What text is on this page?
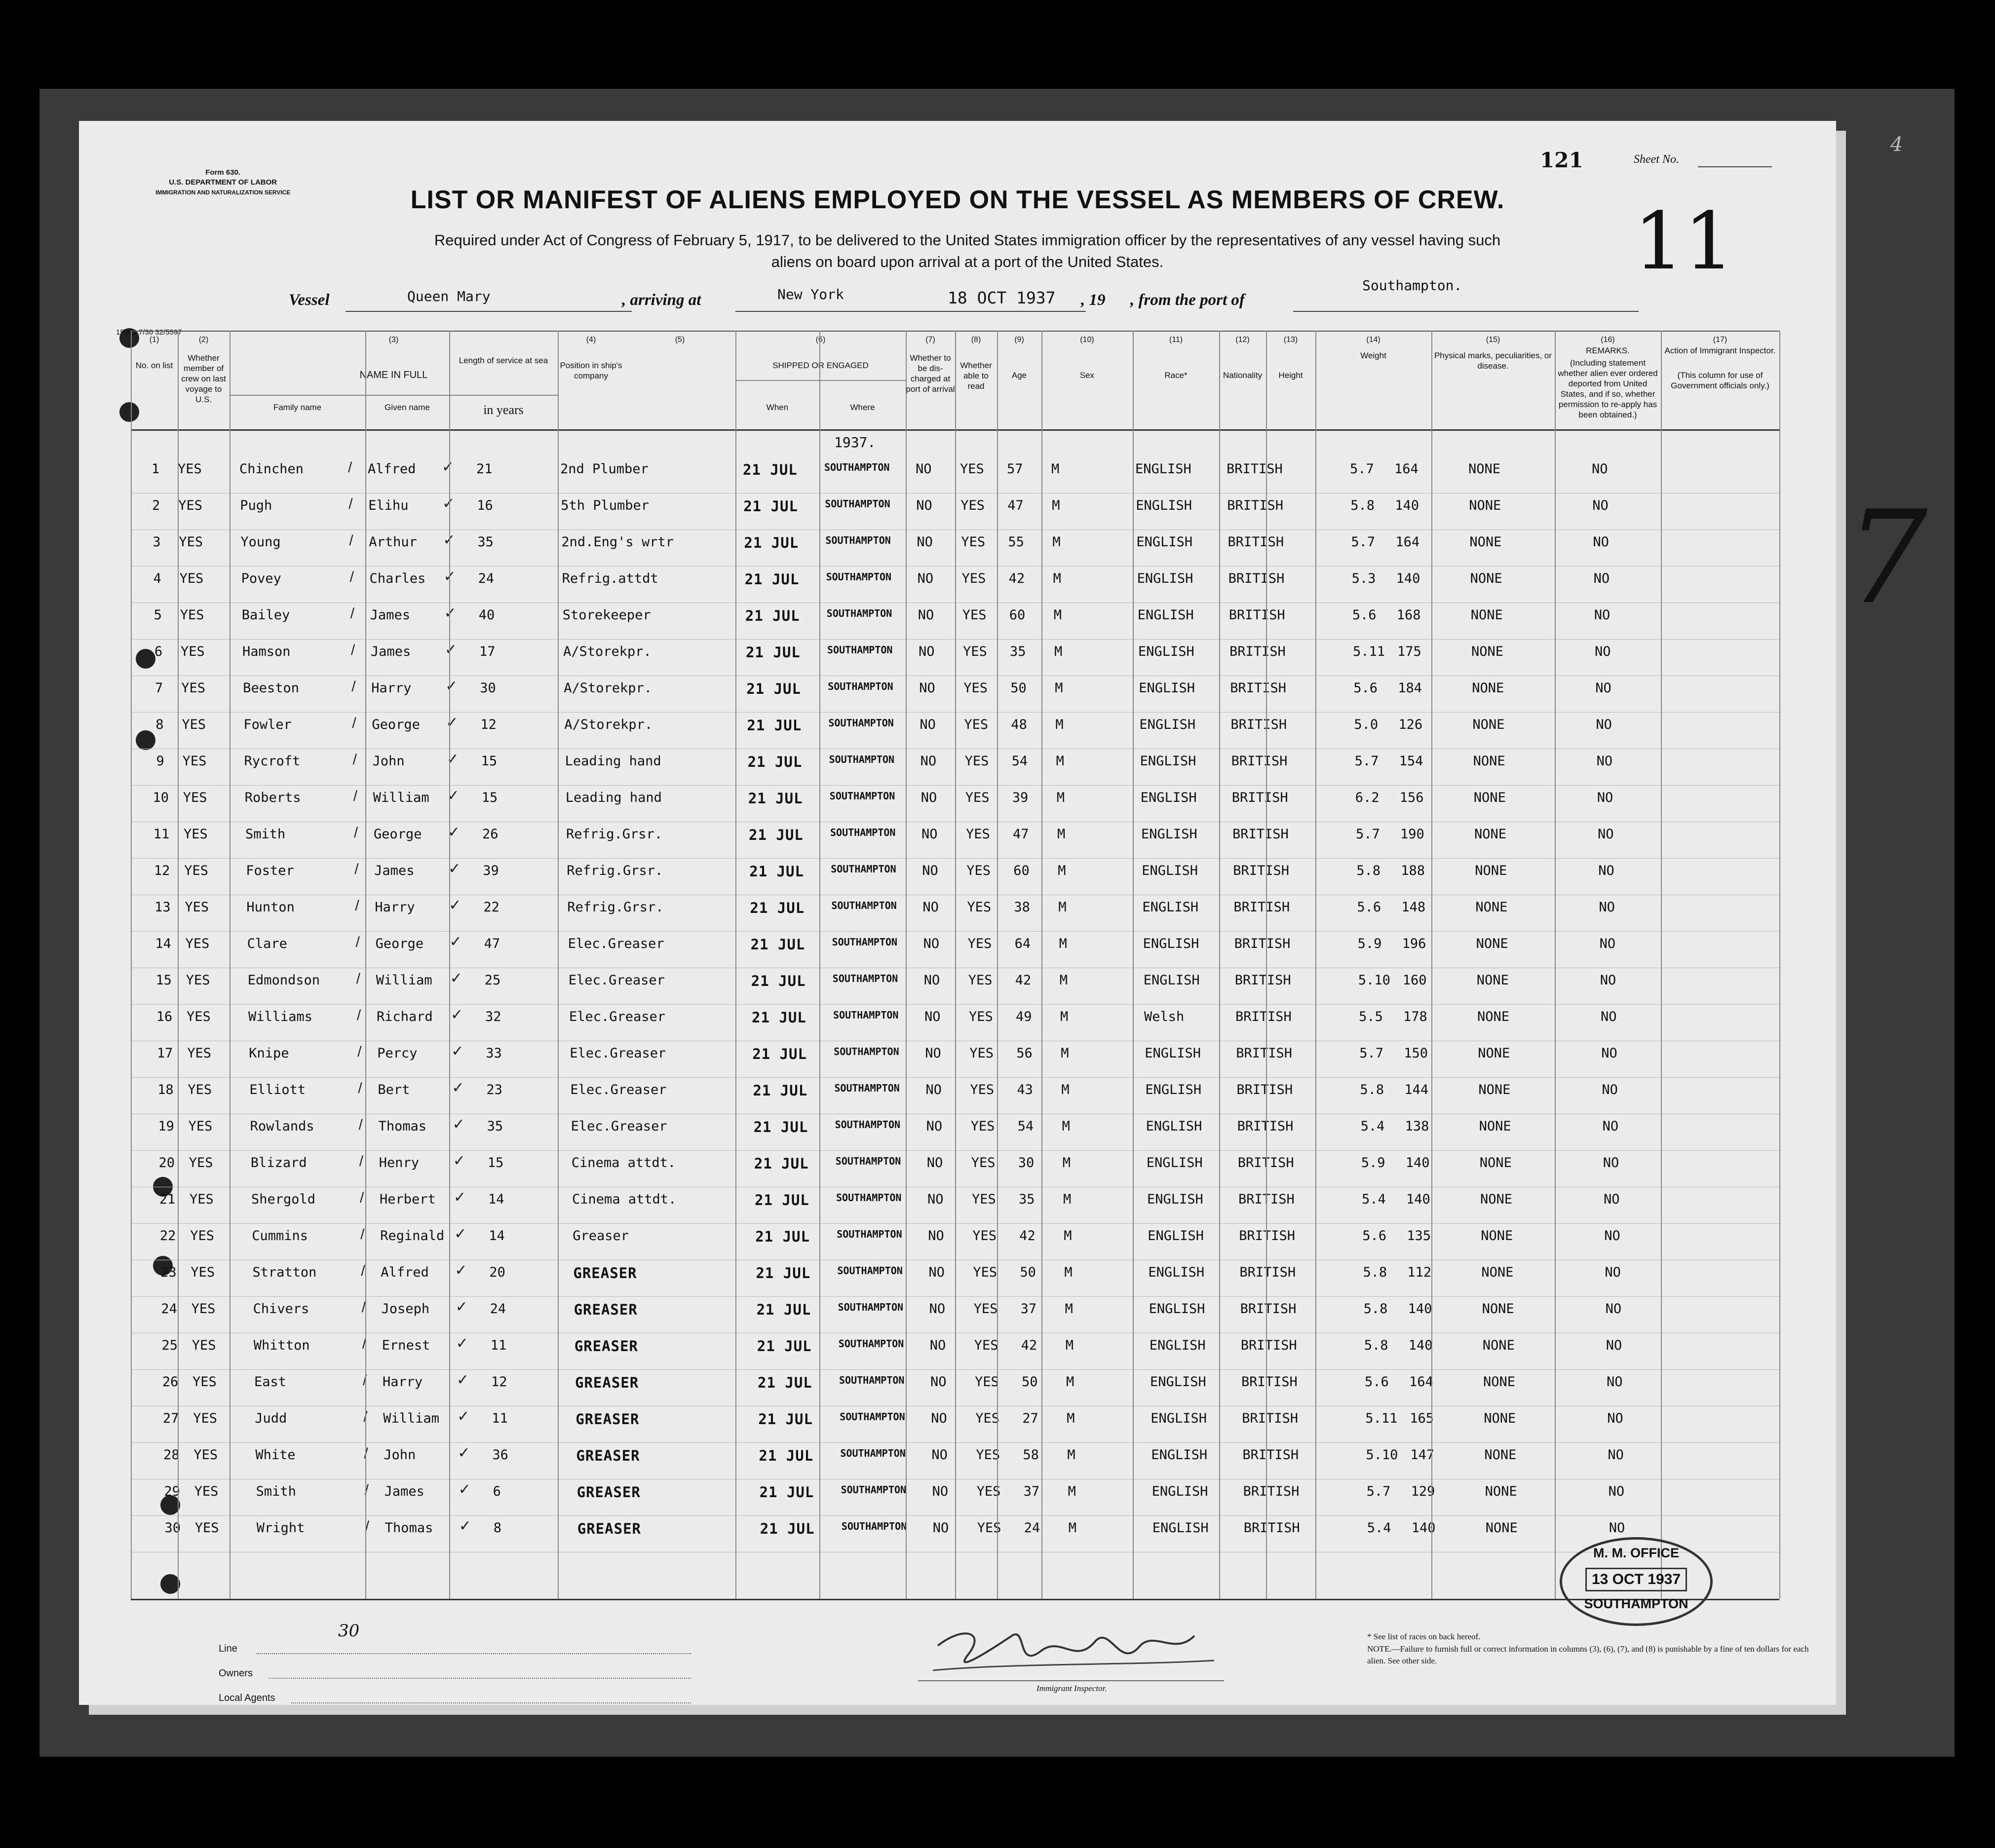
4
7
Form 630.
U.S. DEPARTMENT OF LABOR
IMMIGRATION AND NATURALIZATION SERVICE
15000 7/36 32/5597
121	Sheet No.
LIST OR MANIFEST OF ALIENS EMPLOYED ON THE VESSEL AS MEMBERS OF CREW.
Required under Act of Congress of February 5, 1917, to be delivered to the United States immigration officer by the representatives of any vessel having such
aliens on board upon arrival at a port of the United States.	11
Vessel	Queen Mary	, arriving at	New York	18 OCT 1937 , 19 , from the port of
Southampton.
(1)	(2)	(3)	(4)	(5)	(6)	(7)	(8)	(9)	(10)	(11)	(12)	(13)	(14)	(15)	(16)	(17)
No. on list
Whether member of crew on last voyage to U.S.
NAME IN FULL
Family name	Given name
Length of service at sea
Position in ship's company
SHIPPED OR ENGAGED
When	Where
Whether to be dis-charged at port of arrival
Whether able to read
Age	Sex	Race*	Nationality	Height
Weight	Physical marks, peculiarities, or disease.
REMARKS.
(Including statement whether alien ever ordered deported from United States, and if so, whether permission to re-apply has been obtained.)
Action of Immigrant Inspector.
(This column for use of Government officials only.)
in years
1937.
1	YES	Chinchen	Alfred	21	2nd Plumber	21 JUL	SOUTHAMPTON NO YES 57 M	ENGLISH	BRITISH	5.7 164	NONE	NO
/	✓
2	YES	Pugh	Elihu	16	5th Plumber	21 JUL	SOUTHAMPTON NO YES 47 M	ENGLISH	BRITISH	5.8 140	NONE	NO
/	✓
3	YES	Young	Arthur	35	2nd.Eng's wrtr	21 JUL	SOUTHAMPTON NO YES 55 M	ENGLISH	BRITISH	5.7 164	NONE	NO
/	✓
4	YES	Povey	Charles	24	Refrig.attdt	21 JUL	SOUTHAMPTON NO YES 42 M	ENGLISH	BRITISH	5.3 140	NONE	NO
/	✓
5	YES	Bailey	James	40	Storekeeper	21 JUL	SOUTHAMPTON NO YES 60 M	ENGLISH	BRITISH	5.6 168	NONE	NO
/	✓
6	YES	Hamson	James	17	A/Storekpr.	21 JUL	SOUTHAMPTON NO YES 35 M	ENGLISH	BRITISH	5.11 175	NONE	NO
/	✓
7	YES	Beeston	Harry	30	A/Storekpr.	21 JUL	SOUTHAMPTON NO YES 50 M	ENGLISH	BRITISH	5.6 184	NONE	NO
/	✓
8	YES	Fowler	George	12	A/Storekpr.	21 JUL	SOUTHAMPTON NO YES 48 M	ENGLISH	BRITISH	5.0 126	NONE	NO
/	✓
9	YES	Rycroft	John	15	Leading hand	21 JUL	SOUTHAMPTON NO YES 54 M	ENGLISH	BRITISH	5.7 154	NONE	NO
/	✓
10	YES	Roberts	William	15	Leading hand	21 JUL	SOUTHAMPTON NO YES 39 M	ENGLISH	BRITISH	6.2 156	NONE	NO
/	✓
11	YES	Smith	George	26	Refrig.Grsr.	21 JUL	SOUTHAMPTON NO YES 47 M	ENGLISH	BRITISH	5.7 190	NONE	NO
/	✓
12	YES	Foster	James	39	Refrig.Grsr.	21 JUL	SOUTHAMPTON NO YES 60 M	ENGLISH	BRITISH	5.8 188	NONE	NO
/	✓
13	YES	Hunton	Harry	22	Refrig.Grsr.	21 JUL	SOUTHAMPTON NO YES 38 M	ENGLISH	BRITISH	5.6 148	NONE	NO
/	✓
14	YES	Clare	George	47	Elec.Greaser	21 JUL	SOUTHAMPTON NO YES 64 M	ENGLISH	BRITISH	5.9 196	NONE	NO
/	✓
15	YES	Edmondson	William	25	Elec.Greaser	21 JUL	SOUTHAMPTON NO YES 42 M	ENGLISH	BRITISH	5.10 160	NONE	NO
/	✓
16	YES	Williams	Richard	32	Elec.Greaser	21 JUL	SOUTHAMPTON NO YES 49 M	Welsh	BRITISH	5.5 178	NONE	NO
/	✓
17	YES	Knipe	Percy	33	Elec.Greaser	21 JUL	SOUTHAMPTON NO YES 56 M	ENGLISH	BRITISH	5.7 150	NONE	NO
/	✓
18	YES	Elliott	Bert	23	Elec.Greaser	21 JUL	SOUTHAMPTON NO YES 43 M	ENGLISH	BRITISH	5.8 144	NONE	NO
/	✓
19	YES	Rowlands	Thomas	35	Elec.Greaser	21 JUL	SOUTHAMPTON NO YES 54 M	ENGLISH	BRITISH	5.4 138	NONE	NO
/	✓
20	YES	Blizard	Henry	15	Cinema attdt.	21 JUL	SOUTHAMPTON NO YES 30 M	ENGLISH	BRITISH	5.9 140	NONE	NO
/	✓
21	YES	Shergold	Herbert	14	Cinema attdt.	21 JUL	SOUTHAMPTON NO YES 35 M	ENGLISH	BRITISH	5.4 140	NONE	NO
/	✓
22	YES	Cummins	Reginald	14	Greaser	21 JUL	SOUTHAMPTON NO YES 42 M	ENGLISH	BRITISH	5.6 135	NONE	NO
/	✓
23	YES	Stratton	Alfred	20	GREASER	21 JUL	SOUTHAMPTON NO YES 50 M	ENGLISH	BRITISH	5.8 112	NONE	NO
/	✓
24	YES	Chivers	Joseph	24	GREASER	21 JUL	SOUTHAMPTON NO YES 37 M	ENGLISH	BRITISH	5.8 140	NONE	NO
/	✓
25	YES	Whitton	Ernest	11	GREASER	21 JUL	SOUTHAMPTON NO YES 42 M	ENGLISH	BRITISH	5.8 140	NONE	NO
/	✓
26	YES	East	Harry	12	GREASER	21 JUL	SOUTHAMPTON NO YES 50 M	ENGLISH	BRITISH	5.6 164	NONE	NO
/	✓
27	YES	Judd	William	11	GREASER	21 JUL	SOUTHAMPTON NO YES 27 M	ENGLISH	BRITISH	5.11 165	NONE	NO
/	✓
28	YES	White	John	36	GREASER	21 JUL	SOUTHAMPTON NO YES 58 M	ENGLISH	BRITISH	5.10 147	NONE	NO
/	✓
29	YES	Smith	James	6	GREASER	21 JUL	SOUTHAMPTON NO YES 37 M	ENGLISH	BRITISH	5.7 129	NONE	NO
/	✓
30	YES	Wright	Thomas	8	GREASER	21 JUL	SOUTHAMPTON NO YES 24 M	ENGLISH	BRITISH	5.4 140	NONE	NO
/	✓
Line
30
Owners
Local Agents
Immigrant Inspector.
* See list of races on back hereof.
NOTE.—Failure to furnish full or correct information in columns (3), (6), (7), and (8) is punishable by a fine of ten dollars for each alien. See other side.
M. M. OFFICE
13 OCT 1937
SOUTHAMPTON
